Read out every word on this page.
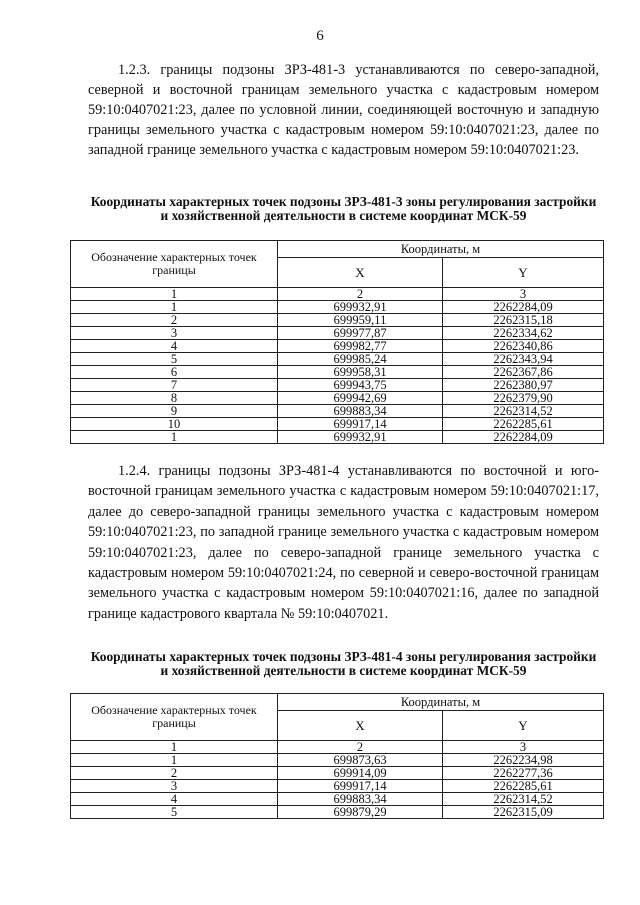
6

1.2.3. границы подзоны ЗРЗ-481-3 устанавливаются по северо-западной, северной и восточной границам земельного участка с кадастровым номером 59:10:0407021:23, далее по условной линии, соединяющей восточную и западную границы земельного участка с кадастровым номером 59:10:0407021:23, далее по западной границе земельного участка с кадастровым номером 59:10:0407021:23.

Координаты характерных точек подзоны ЗРЗ-481-3 зоны регулирования застройки и хозяйственной деятельности в системе координат МСК-59

Обозначение характерных точек границы	Координаты, м	
	X	Y
1	2	3
1	699932,91	2262284,09
2	699959,11	2262315,18
3	699977,87	2262334,62
4	699982,77	2262340,86
5	699985,24	2262343,94
6	699958,31	2262367,86
7	699943,75	2262380,97
8	699942,69	2262379,90
9	699883,34	2262314,52
10	699917,14	2262285,61
1	699932,91	2262284,09

1.2.4. границы подзоны ЗРЗ-481-4 устанавливаются по восточной и юго-восточной границам земельного участка с кадастровым номером 59:10:0407021:17, далее до северо-западной границы земельного участка с кадастровым номером 59:10:0407021:23, по западной границе земельного участка с кадастровым номером 59:10:0407021:23, далее по северо-западной границе земельного участка с кадастровым номером 59:10:0407021:24, по северной и северо-восточной границам земельного участка с кадастровым номером 59:10:0407021:16, далее по западной границе кадастрового квартала № 59:10:0407021.

Координаты характерных точек подзоны ЗРЗ-481-4 зоны регулирования застройки и хозяйственной деятельности в системе координат МСК-59

Обозначение характерных точек границы	Координаты, м	
	X	Y
1	2	3
1	699873,63	2262234,98
2	699914,09	2262277,36
3	699917,14	2262285,61
4	699883,34	2262314,52
5	699879,29	2262315,09
